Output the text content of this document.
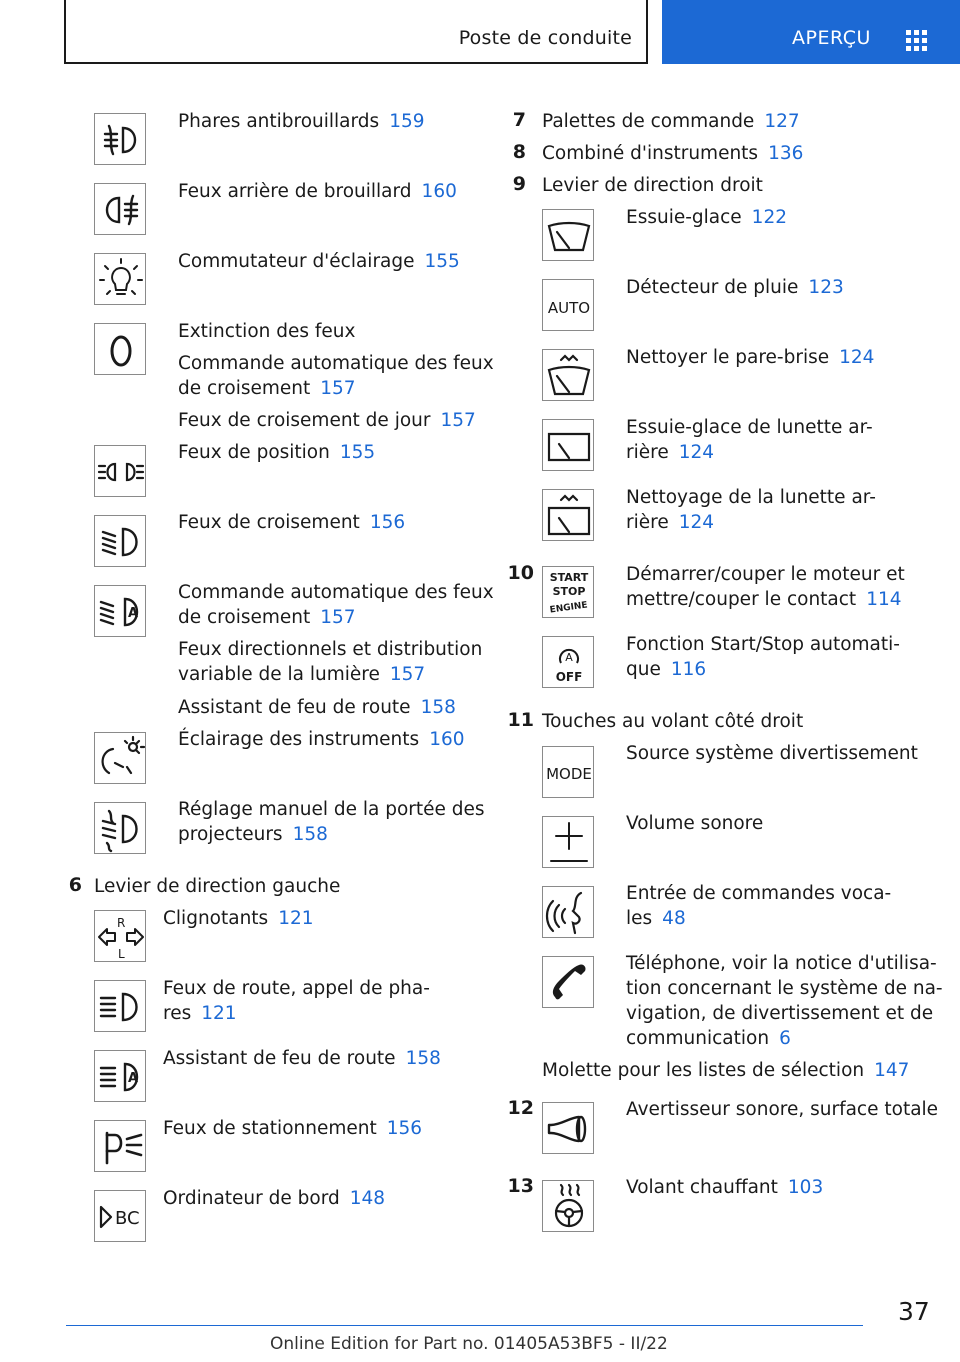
Poste de conduite	APERÇU
Phares antibrouillards 159
Feux arrière de brouillard 160
Commutateur d'éclairage 155
Extinction des feux
Commande automatique des feux
de croisement 157
Feux de croisement de jour 157
Feux de position 155
Feux de croisement 156
A
Commande automatique des feux
de croisement 157
Feux directionnels et distribution
variable de la lumière 157
Assistant de feu de route 158
Éclairage des instruments 160
Réglage manuel de la portée des
projecteurs 158
6 Levier de direction gauche
R
L
Clignotants 121
Feux de route, appel de pha-
res 121
A
Assistant de feu de route 158
Feux de stationnement 156
BC
Ordinateur de bord 148
7 Palettes de commande 127
8 Combiné d'instruments 136
9 Levier de direction droit
Essuie-glace 122
AUTO
Détecteur de pluie 123
Nettoyer le pare-brise 124
Essuie-glace de lunette ar-
rière 124
Nettoyage de la lunette ar-
rière 124
10 START
STOP
ENGINE
Démarrer/couper le moteur et
mettre/couper le contact 114
A
OFF
Fonction Start/Stop automati-
que 116
11 Touches au volant côté droit
MODE
Source système divertissement
Volume sonore
Entrée de commandes voca-
les 48
Téléphone, voir la notice d'utilisa-
tion concernant le système de na-
vigation, de divertissement et de
communication 6
Molette pour les listes de sélection 147
12	Avertisseur sonore, surface totale
13	Volant chauffant 103
37
Online Edition for Part no. 01405A53BF5 - II/22
